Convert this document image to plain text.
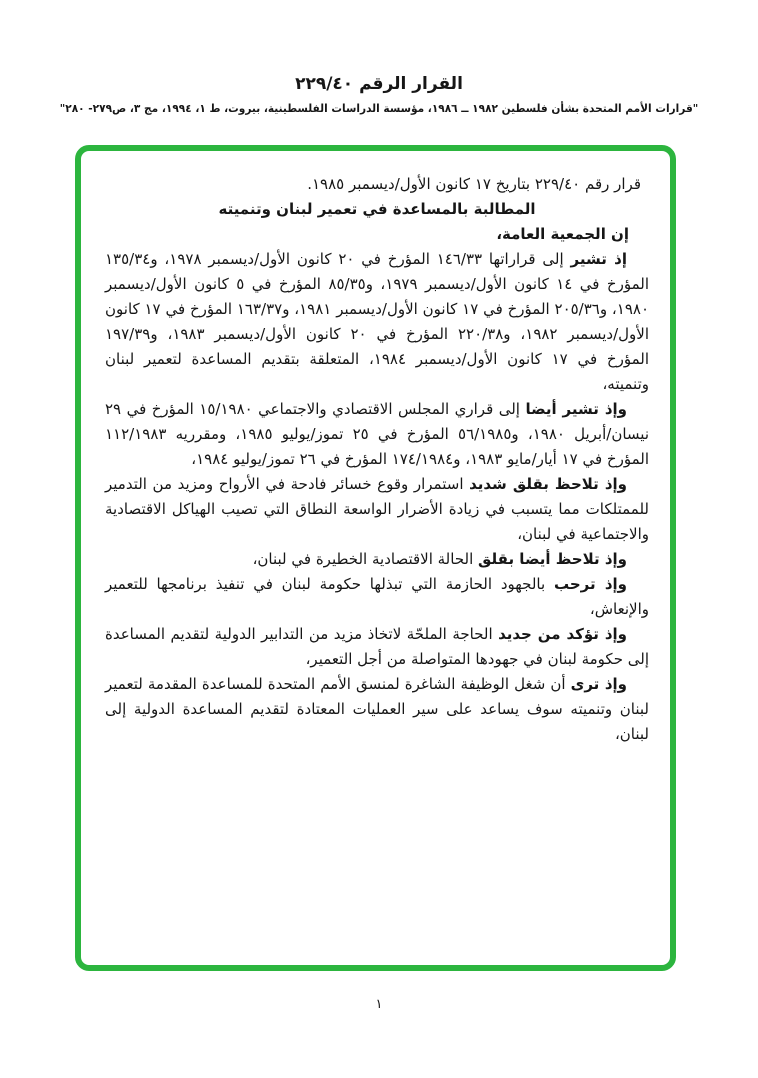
القرار الرقم ٢٢٩/٤٠
"قرارات الأمم المتحدة بشأن فلسطين ١٩٨٢ ــ ١٩٨٦، مؤسسة الدراسات الفلسطينية، بيروت، ط ١، ١٩٩٤، مج ٣، ص٢٧٩- ٢٨٠"

قرار رقم ٢٢٩/٤٠ بتاريخ ١٧ كانون الأول/ديسمبر ١٩٨٥.

المطالبة بالمساعدة في تعمير لبنان وتنميته

إن الجمعية العامة،

إذ تشير إلى قراراتها ١٤٦/٣٣ المؤرخ في ٢٠ كانون الأول/ديسمبر ١٩٧٨، و١٣٥/٣٤ المؤرخ في ١٤ كانون الأول/ديسمبر ١٩٧٩، و٨٥/٣٥ المؤرخ في ٥ كانون الأول/ديسمبر ١٩٨٠، و٢٠٥/٣٦ المؤرخ في ١٧ كانون الأول/ديسمبر ١٩٨١، و١٦٣/٣٧ المؤرخ في ١٧ كانون الأول/ديسمبر ١٩٨٢، و٢٢٠/٣٨ المؤرخ في ٢٠ كانون الأول/ديسمبر ١٩٨٣، و١٩٧/٣٩ المؤرخ في ١٧ كانون الأول/ديسمبر ١٩٨٤، المتعلقة بتقديم المساعدة لتعمير لبنان وتنميته،

وإذ تشير أيضا إلى قراري المجلس الاقتصادي والاجتماعي ١٥/١٩٨٠ المؤرخ في ٢٩ نيسان/أبريل ١٩٨٠، و٥٦/١٩٨٥ المؤرخ في ٢٥ تموز/يوليو ١٩٨٥، ومقرريه ١١٢/١٩٨٣ المؤرخ في ١٧ أيار/مايو ١٩٨٣، و١٧٤/١٩٨٤ المؤرخ في ٢٦ تموز/يوليو ١٩٨٤،

وإذ تلاحظ بقلق شديد استمرار وقوع خسائر فادحة في الأرواح ومزيد من التدمير للممتلكات مما يتسبب في زيادة الأضرار الواسعة النطاق التي تصيب الهياكل الاقتصادية والاجتماعية في لبنان،

وإذ تلاحظ أيضا بقلق الحالة الاقتصادية الخطيرة في لبنان،

وإذ ترحب بالجهود الحازمة التي تبذلها حكومة لبنان في تنفيذ برنامجها للتعمير والإنعاش،

وإذ تؤكد من جديد الحاجة الملحّة لاتخاذ مزيد من التدابير الدولية لتقديم المساعدة إلى حكومة لبنان في جهودها المتواصلة من أجل التعمير،

وإذ ترى أن شغل الوظيفة الشاغرة لمنسق الأمم المتحدة للمساعدة المقدمة لتعمير لبنان وتنميته سوف يساعد على سير العمليات المعتادة لتقديم المساعدة الدولية إلى لبنان،

١
